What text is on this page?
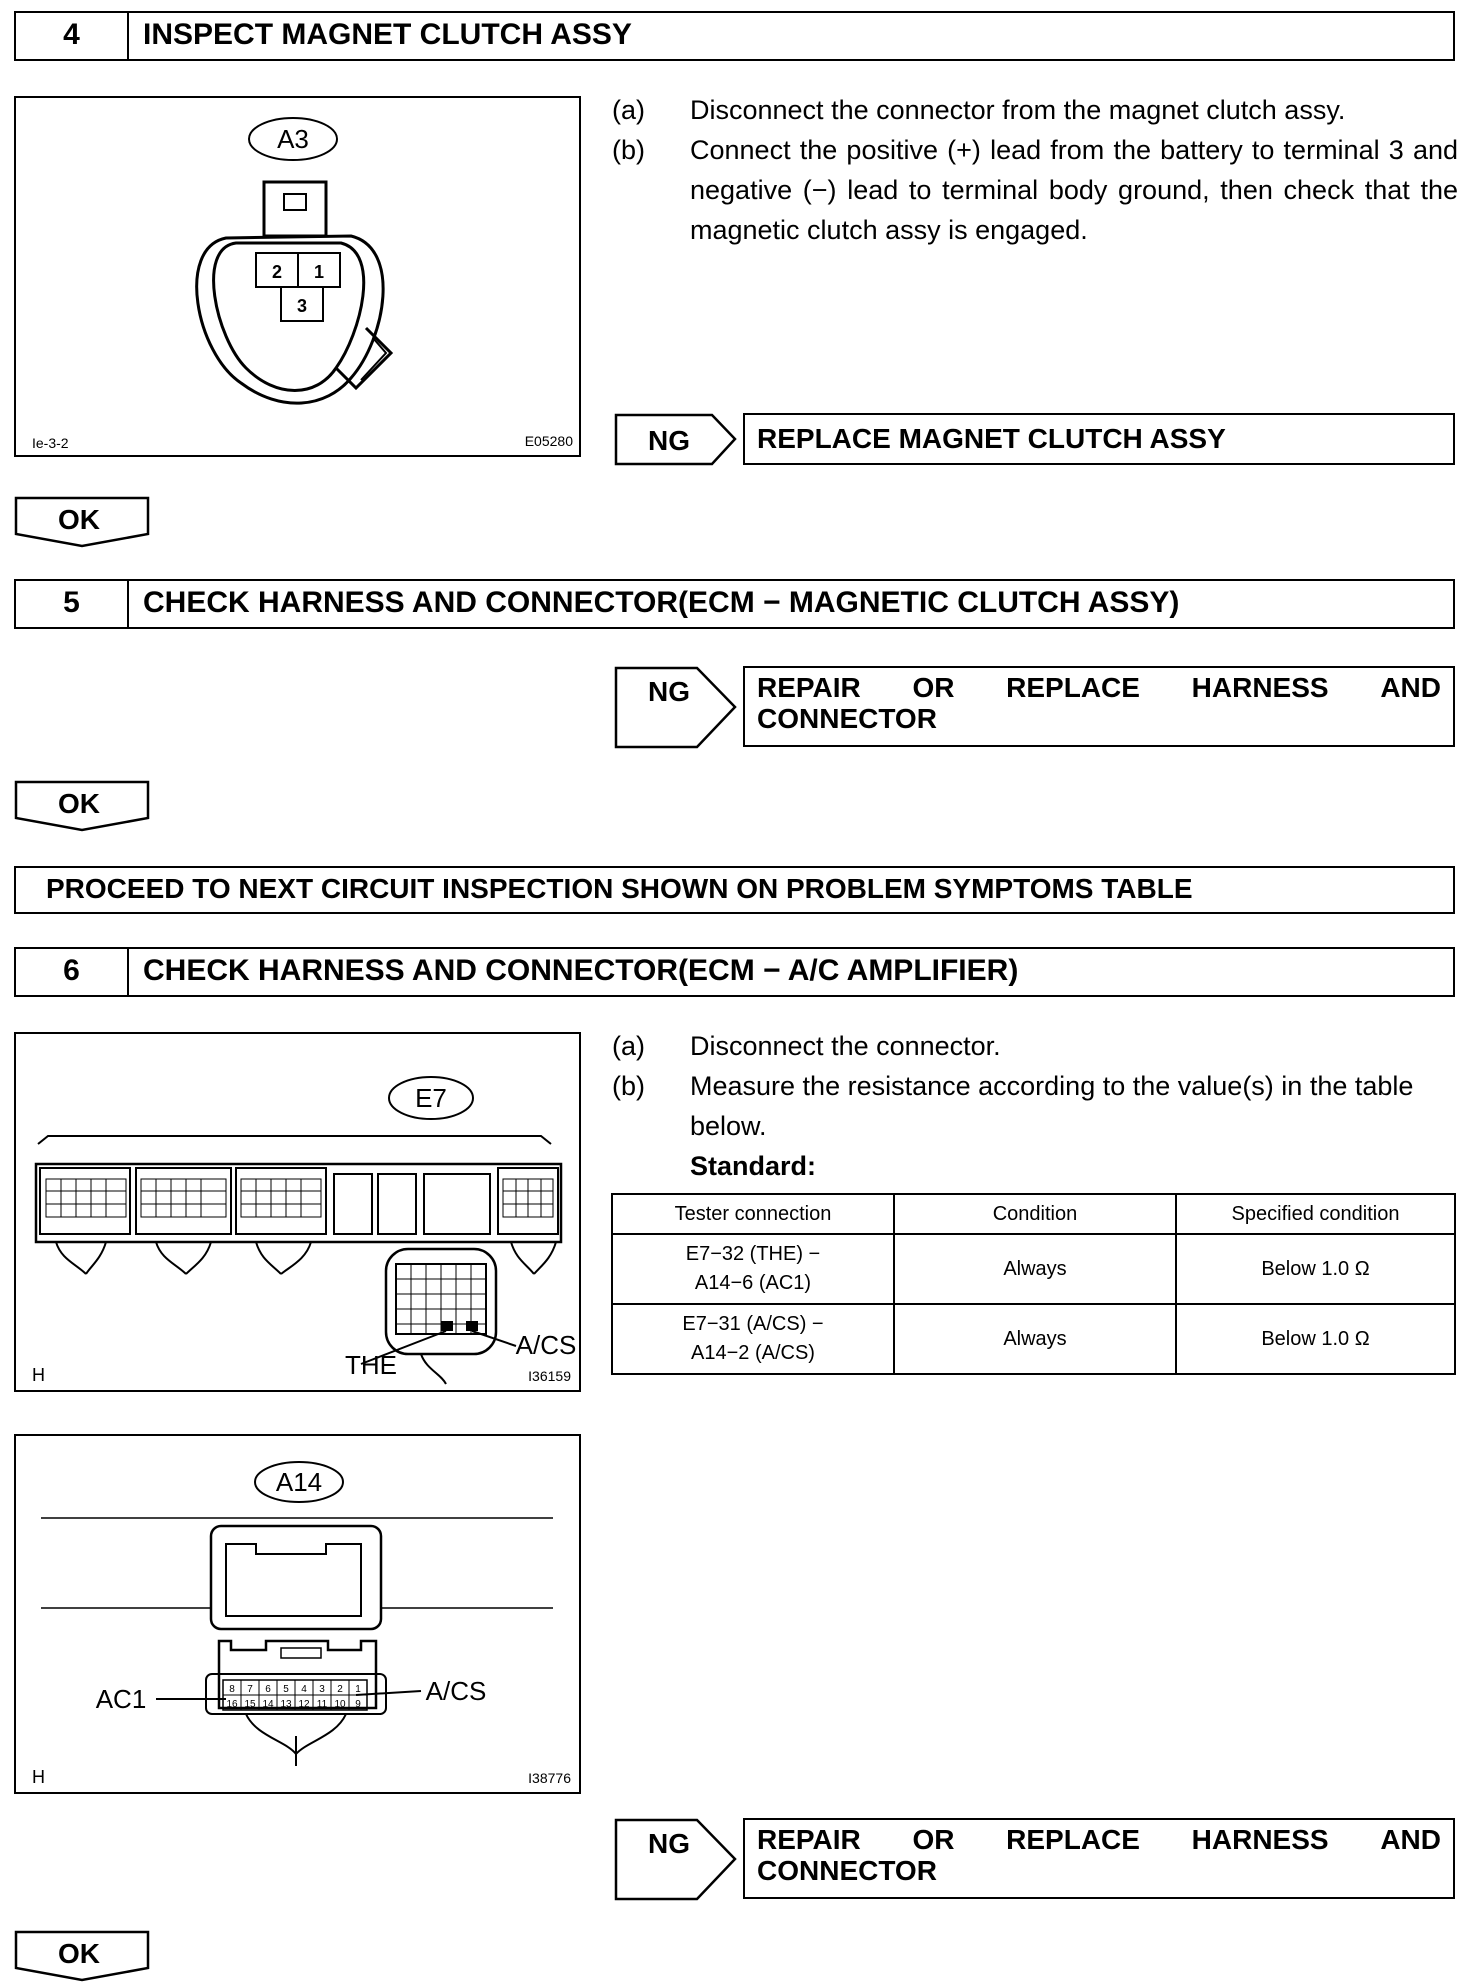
4	INSPECT MAGNET CLUTCH ASSY
A3
2 1
3
Ie-3-2	E05280
(a) Disconnect the connector from the magnet clutch assy.
(b) Connect the positive (+) lead from the battery to terminal 3 and negative (−) lead to terminal body ground, then check that the magnetic clutch assy is engaged.
NG	REPLACE MAGNET CLUTCH ASSY
OK
5	CHECK HARNESS AND CONNECTOR(ECM − MAGNETIC CLUTCH ASSY)
NG REPAIR OR REPLACE HARNESS AND
CONNECTOR
OK
PROCEED TO NEXT CIRCUIT INSPECTION SHOWN ON PROBLEM SYMPTOMS TABLE
6	CHECK HARNESS AND CONNECTOR(ECM − A/C AMPLIFIER)
E7
THE
A/CS
H	I36159
A14
8 7 6 5 4 3 2 1
16 15 14 13 12 11 10 9
AC1	A/CS
H	I38776
(a) Disconnect the connector.
(b) Measure the resistance according to the value(s) in the table below.
Standard:
Tester connection	Condition	Specified condition
E7−32 (THE) −
A14−6 (AC1)	Always	Below 1.0 Ω
E7−31 (A/CS) −
A14−2 (A/CS)	Always	Below 1.0 Ω
NG REPAIR OR REPLACE HARNESS AND
CONNECTOR
OK
